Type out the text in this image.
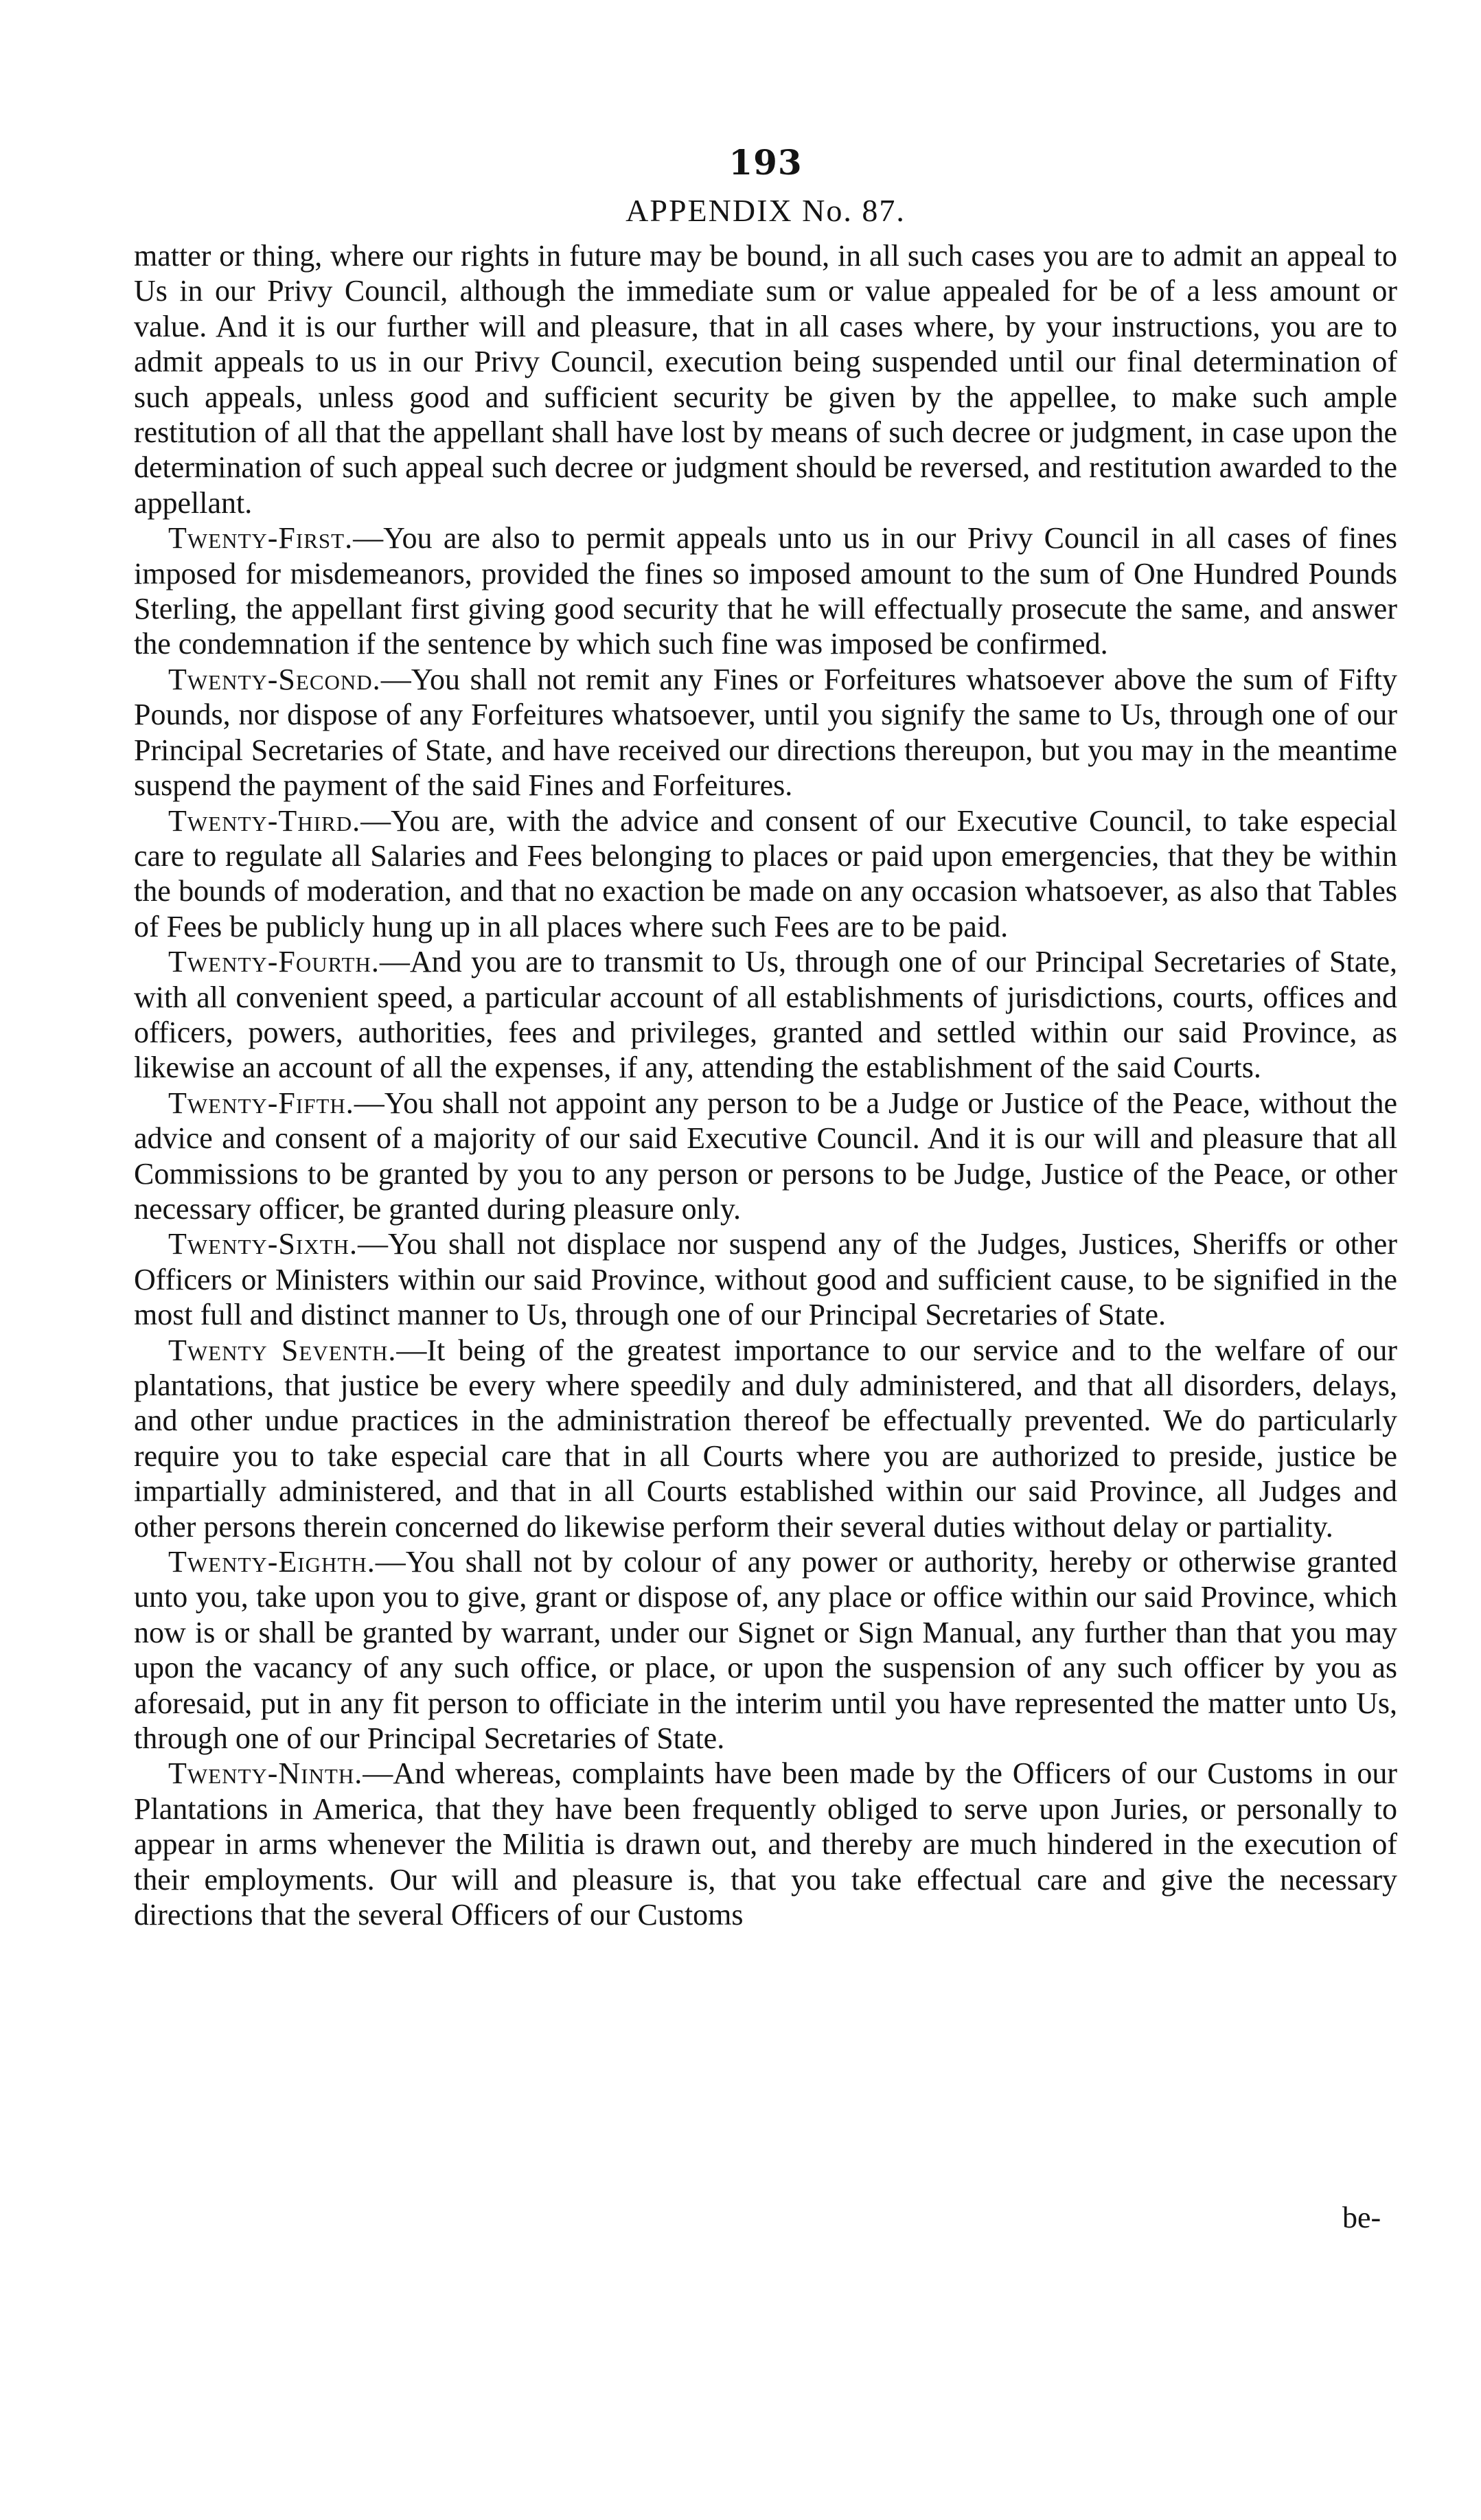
193
APPENDIX No. 87.

matter or thing, where our rights in future may be bound, in all such cases you are to admit an appeal to Us in our Privy Council, although the immediate sum or value appealed for be of a less amount or value. And it is our further will and pleasure, that in all cases where, by your instructions, you are to admit appeals to us in our Privy Council, execution being suspended until our final determination of such appeals, unless good and sufficient security be given by the appellee, to make such ample restitution of all that the appellant shall have lost by means of such decree or judgment, in case upon the determination of such appeal such decree or judgment should be reversed, and restitution awarded to the appellant.

Twenty-First.—You are also to permit appeals unto us in our Privy Council in all cases of fines imposed for misdemeanors, provided the fines so imposed amount to the sum of One Hundred Pounds Sterling, the appellant first giving good security that he will effectually prosecute the same, and answer the condemnation if the sentence by which such fine was imposed be confirmed.

Twenty-Second.—You shall not remit any Fines or Forfeitures whatsoever above the sum of Fifty Pounds, nor dispose of any Forfeitures whatsoever, until you signify the same to Us, through one of our Principal Secretaries of State, and have received our directions thereupon, but you may in the meantime suspend the payment of the said Fines and Forfeitures.

Twenty-Third.—You are, with the advice and consent of our Executive Council, to take especial care to regulate all Salaries and Fees belonging to places or paid upon emergencies, that they be within the bounds of moderation, and that no exaction be made on any occasion whatsoever, as also that Tables of Fees be publicly hung up in all places where such Fees are to be paid.

Twenty-Fourth.—And you are to transmit to Us, through one of our Principal Secretaries of State, with all convenient speed, a particular account of all establishments of jurisdictions, courts, offices and officers, powers, authorities, fees and privileges, granted and settled within our said Province, as likewise an account of all the expenses, if any, attending the establishment of the said Courts.

Twenty-Fifth.—You shall not appoint any person to be a Judge or Justice of the Peace, without the advice and consent of a majority of our said Executive Council. And it is our will and pleasure that all Commissions to be granted by you to any person or persons to be Judge, Justice of the Peace, or other necessary officer, be granted during pleasure only.

Twenty-Sixth.—You shall not displace nor suspend any of the Judges, Justices, Sheriffs or other Officers or Ministers within our said Province, without good and sufficient cause, to be signified in the most full and distinct manner to Us, through one of our Principal Secretaries of State.

Twenty Seventh.—It being of the greatest importance to our service and to the welfare of our plantations, that justice be every where speedily and duly administered, and that all disorders, delays, and other undue practices in the administration thereof be effectually prevented. We do particularly require you to take especial care that in all Courts where you are authorized to preside, justice be impartially administered, and that in all Courts established within our said Province, all Judges and other persons therein concerned do likewise perform their several duties without delay or partiality.

Twenty-Eighth.—You shall not by colour of any power or authority, hereby or otherwise granted unto you, take upon you to give, grant or dispose of, any place or office within our said Province, which now is or shall be granted by warrant, under our Signet or Sign Manual, any further than that you may upon the vacancy of any such office, or place, or upon the suspension of any such officer by you as aforesaid, put in any fit person to officiate in the interim until you have represented the matter unto Us, through one of our Principal Secretaries of State.

Twenty-Ninth.—And whereas, complaints have been made by the Officers of our Customs in our Plantations in America, that they have been frequently obliged to serve upon Juries, or personally to appear in arms whenever the Militia is drawn out, and thereby are much hindered in the execution of their employments. Our will and pleasure is, that you take effectual care and give the necessary directions that the several Officers of our Customs

be-
